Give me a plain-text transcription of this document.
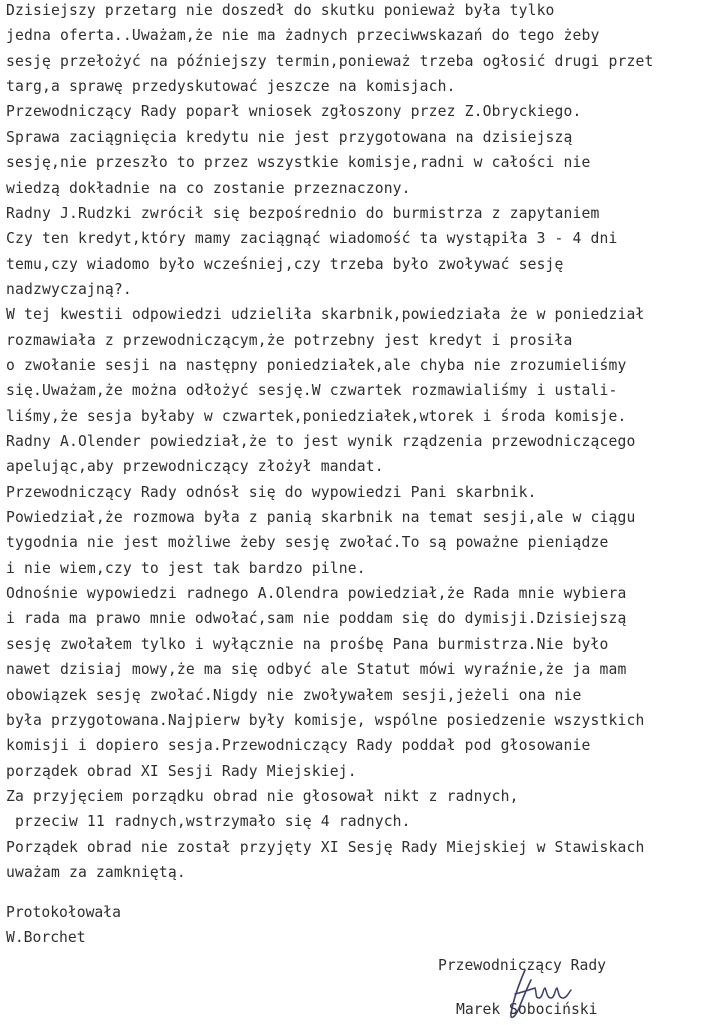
Dzisiejszy przetarg nie doszedł do skutku ponieważ była tylko
jedna oferta..Uważam,że nie ma żadnych przeciwwskazań do tego żeby
sesję przełożyć na późniejszy termin,ponieważ trzeba ogłosić drugi przet
targ,a sprawę przedyskutować jeszcze na komisjach.
Przewodniczący Rady poparł wniosek zgłoszony przez Z.Obryckiego.
Sprawa zaciągnięcia kredytu nie jest przygotowana na dzisiejszą
sesję,nie przeszło to przez wszystkie komisje,radni w całości nie
wiedzą dokładnie na co zostanie przeznaczony.
Radny J.Rudzki zwrócił się bezpośrednio do burmistrza z zapytaniem
Czy ten kredyt,który mamy zaciągnąć wiadomość ta wystąpiła 3 - 4 dni
temu,czy wiadomo było wcześniej,czy trzeba było zwoływać sesję
nadzwyczajną?.
W tej kwestii odpowiedzi udzieliła skarbnik,powiedziała że w poniedział
rozmawiała z przewodniczącym,że potrzebny jest kredyt i prosiła
o zwołanie sesji na następny poniedziałek,ale chyba nie zrozumieliśmy
się.Uważam,że można odłożyć sesję.W czwartek rozmawialiśmy i ustali-
liśmy,że sesja byłaby w czwartek,poniedziałek,wtorek i środa komisje.
Radny A.Olender powiedział,że to jest wynik rządzenia przewodniczącego
apelując,aby przewodniczący złożył mandat.
Przewodniczący Rady odnósł się do wypowiedzi Pani skarbnik.
Powiedział,że rozmowa była z panią skarbnik na temat sesji,ale w ciągu
tygodnia nie jest możliwe żeby sesję zwołać.To są poważne pieniądze
i nie wiem,czy to jest tak bardzo pilne.
Odnośnie wypowiedzi radnego A.Olendra powiedział,że Rada mnie wybiera
i rada ma prawo mnie odwołać,sam nie poddam się do dymisji.Dzisiejszą
sesję zwołałem tylko i wyłącznie na prośbę Pana burmistrza.Nie było
nawet dzisiaj mowy,że ma się odbyć ale Statut mówi wyraźnie,że ja mam
obowiązek sesję zwołać.Nigdy nie zwoływałem sesji,jeżeli ona nie
była przygotowana.Najpierw były komisje, wspólne posiedzenie wszystkich
komisji i dopiero sesja.Przewodniczący Rady poddał pod głosowanie
porządek obrad XI Sesji Rady Miejskiej.
Za przyjęciem porządku obrad nie głosował nikt z radnych,
przeciw 11 radnych,wstrzymało się 4 radnych.
Porządek obrad nie został przyjęty XI Sesję Rady Miejskiej w Stawiskach
uważam za zamkniętą.
Protokołowała
W.Borchet
Przewodniczący Rady
Marek Sobociński
